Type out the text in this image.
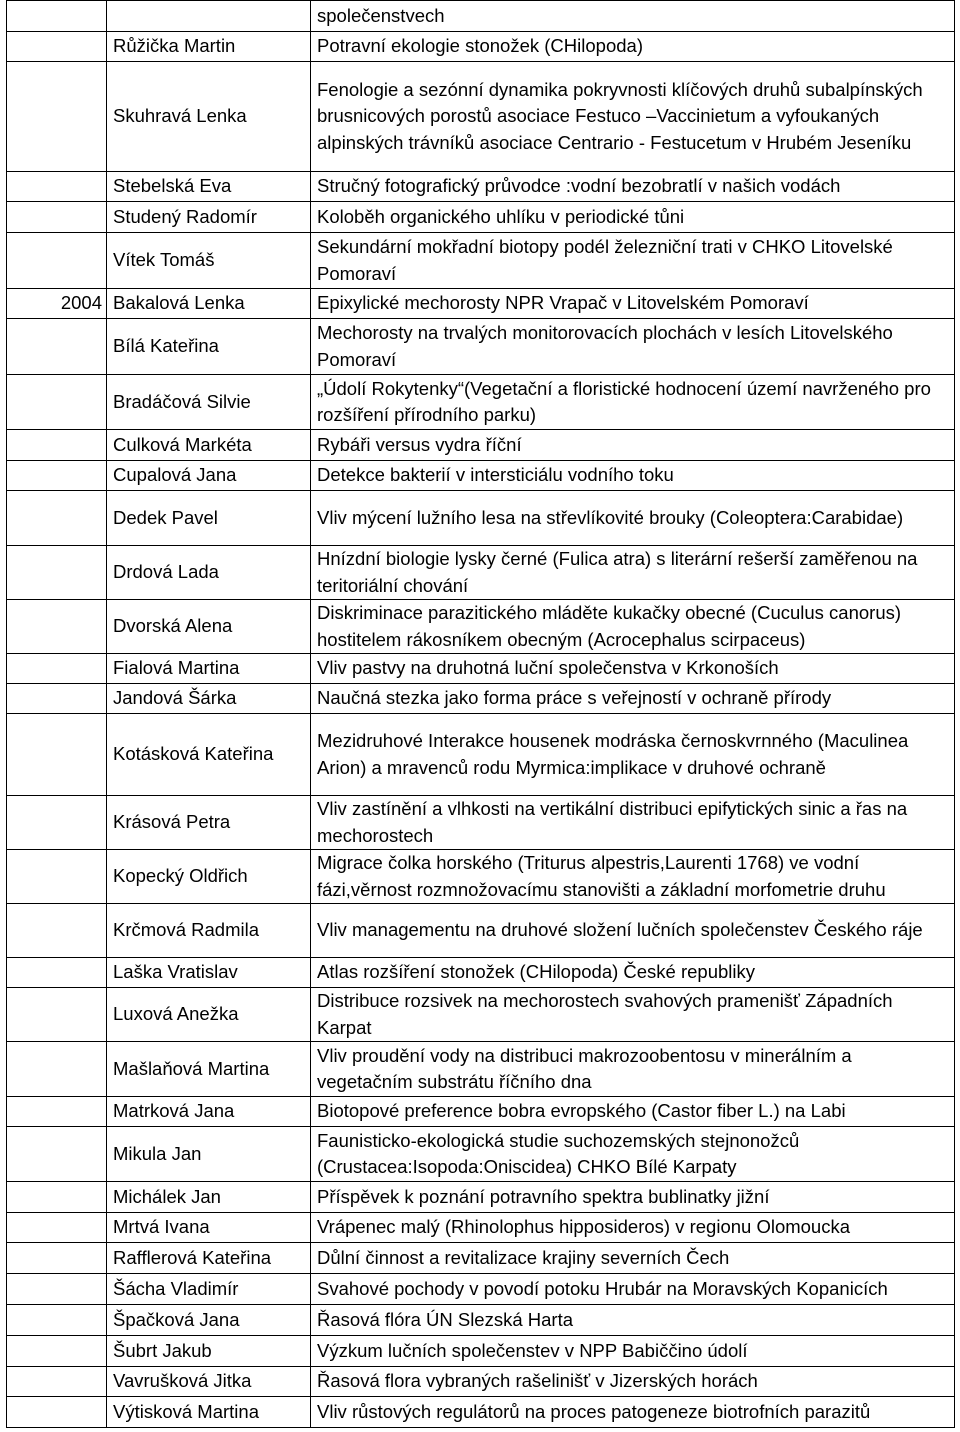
		společenstvech
	Růžička Martin	Potravní ekologie stonožek (CHilopoda)
	Skuhravá Lenka	Fenologie a sezónní dynamika pokryvnosti klíčových druhů subalpínských brusnicových porostů asociace Festuco –Vaccinietum a vyfoukaných alpinských trávníků asociace Centrario - Festucetum v Hrubém Jeseníku
	Stebelská Eva	Stručný fotografický průvodce :vodní bezobratlí v našich vodách
	Studený Radomír	Koloběh organického uhlíku v periodické tůni
	Vítek Tomáš	Sekundární mokřadní biotopy podél železniční trati v CHKO Litovelské Pomoraví
2004	Bakalová Lenka	Epixylické mechorosty NPR Vrapač v Litovelském Pomoraví
	Bílá Kateřina	Mechorosty na trvalých monitorovacích plochách v lesích Litovelského Pomoraví
	Bradáčová Silvie	„Údolí Rokytenky“(Vegetační a floristické hodnocení území navrženého pro rozšíření přírodního parku)
	Culková Markéta	Rybáři versus vydra říční
	Cupalová Jana	Detekce bakterií v intersticiálu vodního toku
	Dedek Pavel	Vliv mýcení lužního lesa na střevlíkovité brouky (Coleoptera:Carabidae)
	Drdová Lada	Hnízdní biologie lysky černé (Fulica atra) s literární rešerší zaměřenou na teritoriální chování
	Dvorská Alena	Diskriminace parazitického mláděte kukačky obecné (Cuculus canorus) hostitelem rákosníkem obecným (Acrocephalus scirpaceus)
	Fialová Martina	Vliv pastvy na druhotná luční společenstva v Krkonoších
	Jandová Šárka	Naučná stezka jako forma práce s veřejností v ochraně přírody
	Kotásková Kateřina	Mezidruhové Interakce housenek modráska černoskvrnného (Maculinea Arion) a mravenců rodu Myrmica:implikace v druhové ochraně
	Krásová Petra	Vliv zastínění a vlhkosti na vertikální distribuci epifytických sinic a řas na mechorostech
	Kopecký Oldřich	Migrace čolka horského (Triturus alpestris,Laurenti 1768) ve vodní fázi,věrnost rozmnožovacímu stanovišti a základní morfometrie druhu
	Krčmová Radmila	Vliv managementu na druhové složení lučních společenstev Českého ráje
	Laška Vratislav	Atlas rozšíření stonožek (CHilopoda) České republiky
	Luxová Anežka	Distribuce rozsivek na mechorostech svahových pramenišť Západních Karpat
	Mašlaňová Martina	Vliv proudění vody na distribuci makrozoobentosu v minerálním a vegetačním substrátu říčního dna
	Matrková Jana	Biotopové preference bobra evropského (Castor fiber L.) na Labi
	Mikula Jan	Faunisticko-ekologická studie suchozemských stejnonožců (Crustacea:Isopoda:Oniscidea) CHKO Bílé Karpaty
	Michálek Jan	Příspěvek k poznání potravního spektra bublinatky jižní
	Mrtvá Ivana	Vrápenec malý (Rhinolophus hipposideros) v regionu Olomoucka
	Rafflerová Kateřina	Důlní činnost a revitalizace krajiny severních Čech
	Šácha Vladimír	Svahové pochody v povodí potoku Hrubár na Moravských Kopanicích
	Špačková Jana	Řasová flóra ÚN Slezská Harta
	Šubrt Jakub	Výzkum lučních společenstev v NPP Babiččino údolí
	Vavrušková Jitka	Řasová flora vybraných rašelinišť v Jizerských horách
	Výtisková Martina	Vliv růstových regulátorů na proces patogeneze biotrofních parazitů
